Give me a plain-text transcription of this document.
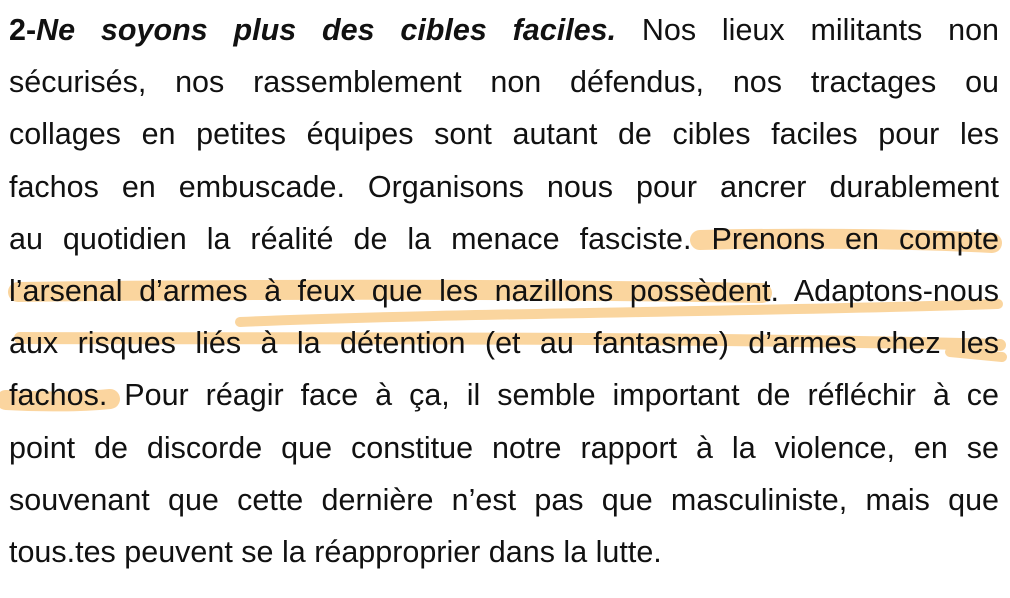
2-Ne soyons plus des cibles faciles. Nos lieux militants non
sécurisés, nos rassemblement non défendus, nos tractages ou
collages en petites équipes sont autant de cibles faciles pour les
fachos en embuscade. Organisons nous pour ancrer durablement
au quotidien la réalité de la menace fasciste. Prenons en compte
l’arsenal d’armes à feux que les nazillons possèdent. Adaptons-nous
aux risques liés à la détention (et au fantasme) d’armes chez les
fachos. Pour réagir face à ça, il semble important de réfléchir à ce
point de discorde que constitue notre rapport à la violence, en se
souvenant que cette dernière n’est pas que masculiniste, mais que
tous.tes peuvent se la réapproprier dans la lutte.
